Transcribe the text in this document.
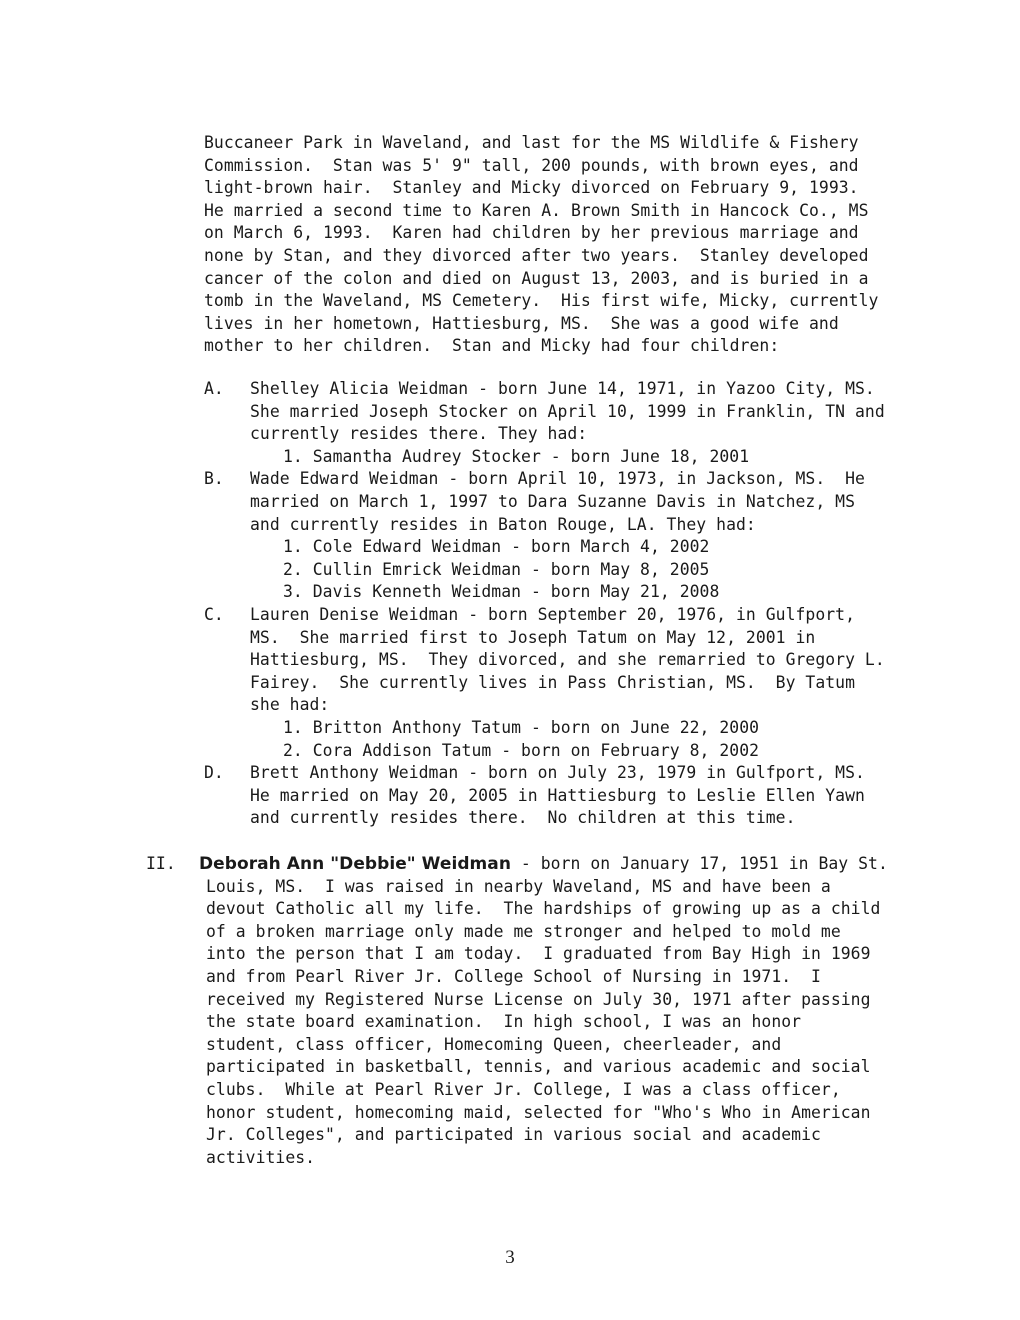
Buccaneer Park in Waveland, and last for the MS Wildlife & Fishery
Commission.  Stan was 5' 9" tall, 200 pounds, with brown eyes, and
light-brown hair.  Stanley and Micky divorced on February 9, 1993.
He married a second time to Karen A. Brown Smith in Hancock Co., MS
on March 6, 1993.  Karen had children by her previous marriage and
none by Stan, and they divorced after two years.  Stanley developed
cancer of the colon and died on August 13, 2003, and is buried in a
tomb in the Waveland, MS Cemetery.  His first wife, Micky, currently
lives in her hometown, Hattiesburg, MS.  She was a good wife and
mother to her children.  Stan and Micky had four children:
A. Shelley Alicia Weidman - born June 14, 1971, in Yazoo City, MS.
She married Joseph Stocker on April 10, 1999 in Franklin, TN and
currently resides there. They had:
1. Samantha Audrey Stocker - born June 18, 2001
B. Wade Edward Weidman - born April 10, 1973, in Jackson, MS.  He
married on March 1, 1997 to Dara Suzanne Davis in Natchez, MS
and currently resides in Baton Rouge, LA. They had:
1. Cole Edward Weidman - born March 4, 2002
2. Cullin Emrick Weidman - born May 8, 2005
3. Davis Kenneth Weidman - born May 21, 2008
C. Lauren Denise Weidman - born September 20, 1976, in Gulfport,
MS.  She married first to Joseph Tatum on May 12, 2001 in
Hattiesburg, MS.  They divorced, and she remarried to Gregory L.
Fairey.  She currently lives in Pass Christian, MS.  By Tatum
she had:
1. Britton Anthony Tatum - born on June 22, 2000
2. Cora Addison Tatum - born on February 8, 2002
D. Brett Anthony Weidman - born on July 23, 1979 in Gulfport, MS.
He married on May 20, 2005 in Hattiesburg to Leslie Ellen Yawn
and currently resides there.  No children at this time.
II. Deborah Ann "Debbie" Weidman - born on January 17, 1951 in Bay St.
Louis, MS.  I was raised in nearby Waveland, MS and have been a
devout Catholic all my life.  The hardships of growing up as a child
of a broken marriage only made me stronger and helped to mold me
into the person that I am today.  I graduated from Bay High in 1969
and from Pearl River Jr. College School of Nursing in 1971.  I
received my Registered Nurse License on July 30, 1971 after passing
the state board examination.  In high school, I was an honor
student, class officer, Homecoming Queen, cheerleader, and
participated in basketball, tennis, and various academic and social
clubs.  While at Pearl River Jr. College, I was a class officer,
honor student, homecoming maid, selected for "Who's Who in American
Jr. Colleges", and participated in various social and academic
activities.
3
